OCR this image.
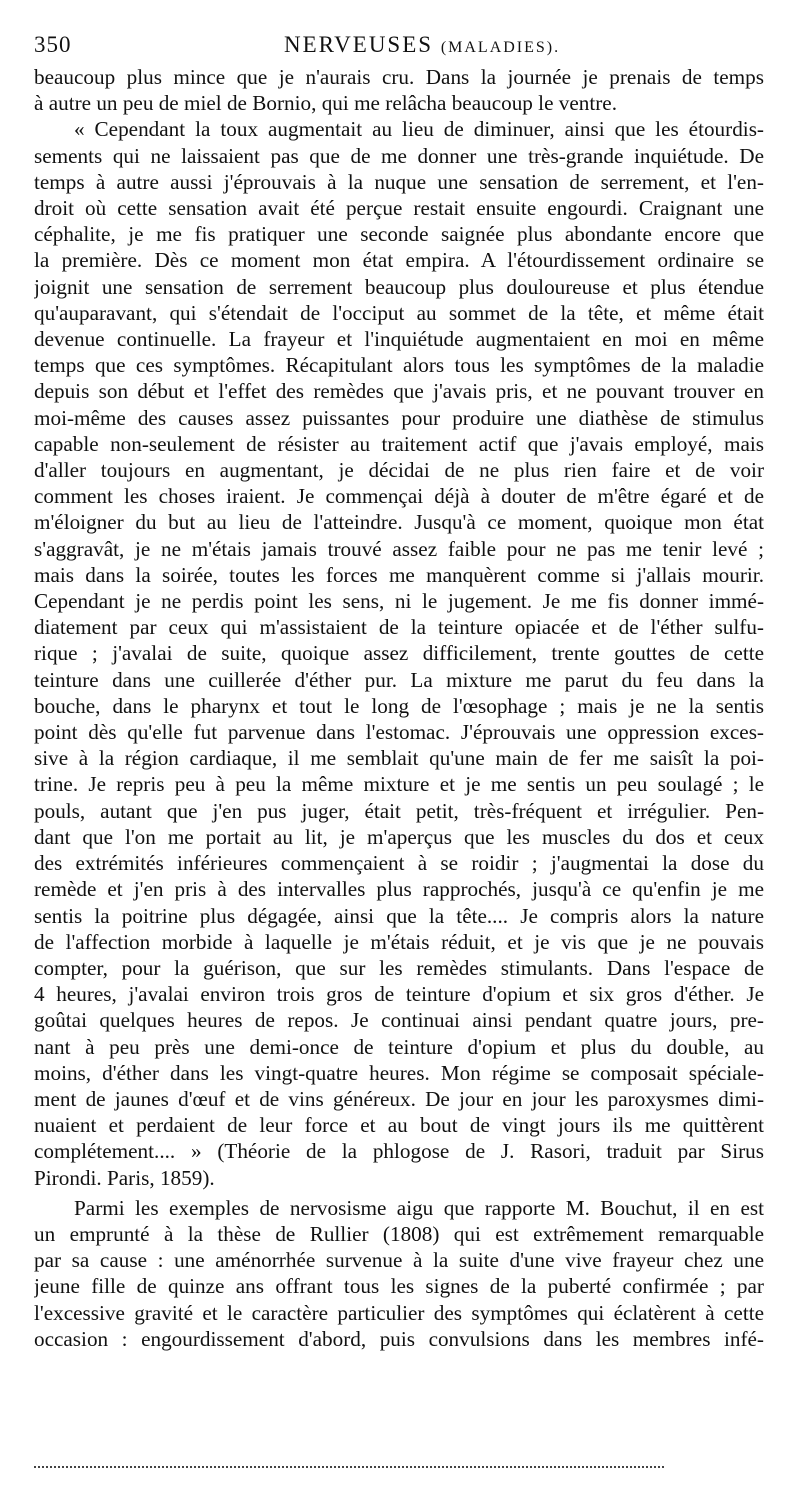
350	NERVEUSES (MALADIES).
beaucoup plus mince que je n'aurais cru. Dans la journée je prenais de temps
à autre un peu de miel de Bornio, qui me relâcha beaucoup le ventre.
« Cependant la toux augmentait au lieu de diminuer, ainsi que les étourdis-
sements qui ne laissaient pas que de me donner une très-grande inquiétude. De
temps à autre aussi j'éprouvais à la nuque une sensation de serrement, et l'en-
droit où cette sensation avait été perçue restait ensuite engourdi. Craignant une
céphalite, je me fis pratiquer une seconde saignée plus abondante encore que
la première. Dès ce moment mon état empira. A l'étourdissement ordinaire se
joignit une sensation de serrement beaucoup plus douloureuse et plus étendue
qu'auparavant, qui s'étendait de l'occiput au sommet de la tête, et même était
devenue continuelle. La frayeur et l'inquiétude augmentaient en moi en même
temps que ces symptômes. Récapitulant alors tous les symptômes de la maladie
depuis son début et l'effet des remèdes que j'avais pris, et ne pouvant trouver en
moi-même des causes assez puissantes pour produire une diathèse de stimulus
capable non-seulement de résister au traitement actif que j'avais employé, mais
d'aller toujours en augmentant, je décidai de ne plus rien faire et de voir
comment les choses iraient. Je commençai déjà à douter de m'être égaré et de
m'éloigner du but au lieu de l'atteindre. Jusqu'à ce moment, quoique mon état
s'aggravât, je ne m'étais jamais trouvé assez faible pour ne pas me tenir levé ;
mais dans la soirée, toutes les forces me manquèrent comme si j'allais mourir.
Cependant je ne perdis point les sens, ni le jugement. Je me fis donner immé-
diatement par ceux qui m'assistaient de la teinture opiacée et de l'éther sulfu-
rique ; j'avalai de suite, quoique assez difficilement, trente gouttes de cette
teinture dans une cuillerée d'éther pur. La mixture me parut du feu dans la
bouche, dans le pharynx et tout le long de l'œsophage ; mais je ne la sentis
point dès qu'elle fut parvenue dans l'estomac. J'éprouvais une oppression exces-
sive à la région cardiaque, il me semblait qu'une main de fer me saisît la poi-
trine. Je repris peu à peu la même mixture et je me sentis un peu soulagé ; le
pouls, autant que j'en pus juger, était petit, très-fréquent et irrégulier. Pen-
dant que l'on me portait au lit, je m'aperçus que les muscles du dos et ceux
des extrémités inférieures commençaient à se roidir ; j'augmentai la dose du
remède et j'en pris à des intervalles plus rapprochés, jusqu'à ce qu'enfin je me
sentis la poitrine plus dégagée, ainsi que la tête.... Je compris alors la nature
de l'affection morbide à laquelle je m'étais réduit, et je vis que je ne pouvais
compter, pour la guérison, que sur les remèdes stimulants. Dans l'espace de
4 heures, j'avalai environ trois gros de teinture d'opium et six gros d'éther. Je
goûtai quelques heures de repos. Je continuai ainsi pendant quatre jours, pre-
nant à peu près une demi-once de teinture d'opium et plus du double, au
moins, d'éther dans les vingt-quatre heures. Mon régime se composait spéciale-
ment de jaunes d'œuf et de vins généreux. De jour en jour les paroxysmes dimi-
nuaient et perdaient de leur force et au bout de vingt jours ils me quittèrent
complétement.... » (Théorie de la phlogose de J. Rasori, traduit par Sirus
Pirondi. Paris, 1859).
Parmi les exemples de nervosisme aigu que rapporte M. Bouchut, il en est
un emprunté à la thèse de Rullier (1808) qui est extrêmement remarquable
par sa cause : une aménorrhée survenue à la suite d'une vive frayeur chez une
jeune fille de quinze ans offrant tous les signes de la puberté confirmée ; par
l'excessive gravité et le caractère particulier des symptômes qui éclatèrent à cette
occasion : engourdissement d'abord, puis convulsions dans les membres infé-
